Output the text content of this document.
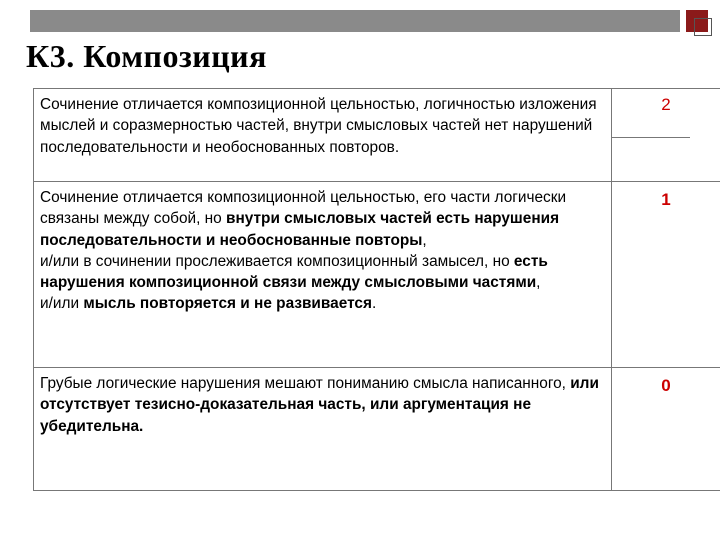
К3. Композиция
Сочинение отличается композиционной цельностью, логичностью изложения мыслей и соразмерностью частей, внутри смысловых частей нет нарушений последовательности и необоснованных повторов.	2
Сочинение отличается композиционной цельностью, его части логически связаны между собой, но внутри смысловых частей есть нарушения последовательности и необоснованные повторы,
и/или в сочинении прослеживается композиционный замысел, но есть нарушения композиционной связи между смысловыми частями,
и/или мысль повторяется и не развивается.	1
Грубые логические нарушения мешают пониманию смысла написанного, или отсутствует тезисно-доказательная часть, или аргументация не убедительна.	0
